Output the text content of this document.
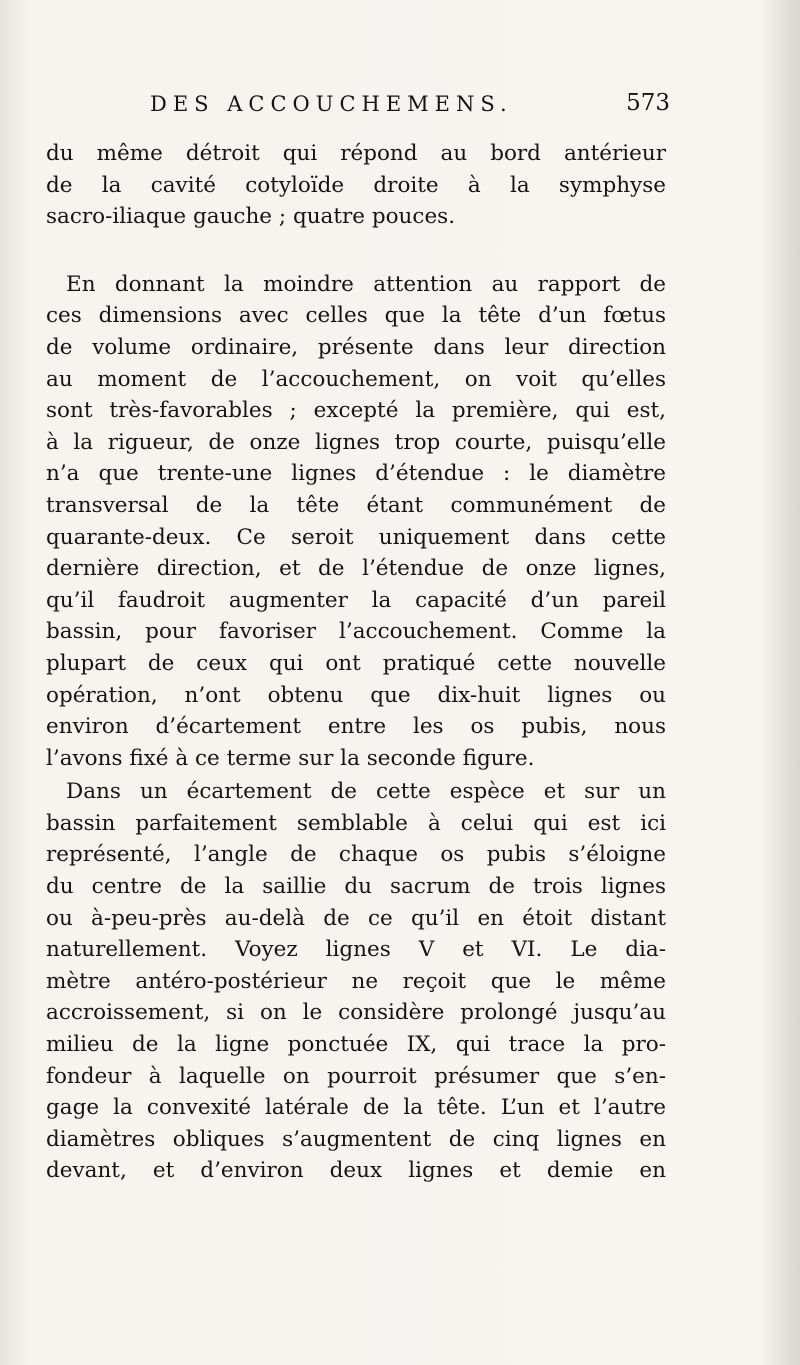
DES ACCOUCHEMENS.	573
du même détroit qui répond au bord antérieur
de la cavité cotyloïde droite à la symphyse
sacro-iliaque gauche ; quatre pouces.
En donnant la moindre attention au rapport de
ces dimensions avec celles que la tête d’un fœtus
de volume ordinaire, présente dans leur direction
au moment de l’accouchement, on voit qu’elles
sont très-favorables ; excepté la première, qui est,
à la rigueur, de onze lignes trop courte, puisqu’elle
n’a que trente-une lignes d’étendue : le diamètre
transversal de la tête étant communément de
quarante-deux. Ce seroit uniquement dans cette
dernière direction, et de l’étendue de onze lignes,
qu’il faudroit augmenter la capacité d’un pareil
bassin, pour favoriser l’accouchement. Comme la
plupart de ceux qui ont pratiqué cette nouvelle
opération, n’ont obtenu que dix-huit lignes ou
environ d’écartement entre les os pubis, nous
l’avons fixé à ce terme sur la seconde figure.
Dans un écartement de cette espèce et sur un
bassin parfaitement semblable à celui qui est ici
représenté, l’angle de chaque os pubis s’éloigne
du centre de la saillie du sacrum de trois lignes
ou à-peu-près au-delà de ce qu’il en étoit distant
naturellement. Voyez lignes V et VI. Le dia-
mètre antéro-postérieur ne reçoit que le même
accroissement, si on le considère prolongé jusqu’au
milieu de la ligne ponctuée IX, qui trace la pro-
fondeur à laquelle on pourroit présumer que s’en-
gage la convexité latérale de la tête. L’un et l’autre
diamètres obliques s’augmentent de cinq lignes en
devant, et d’environ deux lignes et demie en
